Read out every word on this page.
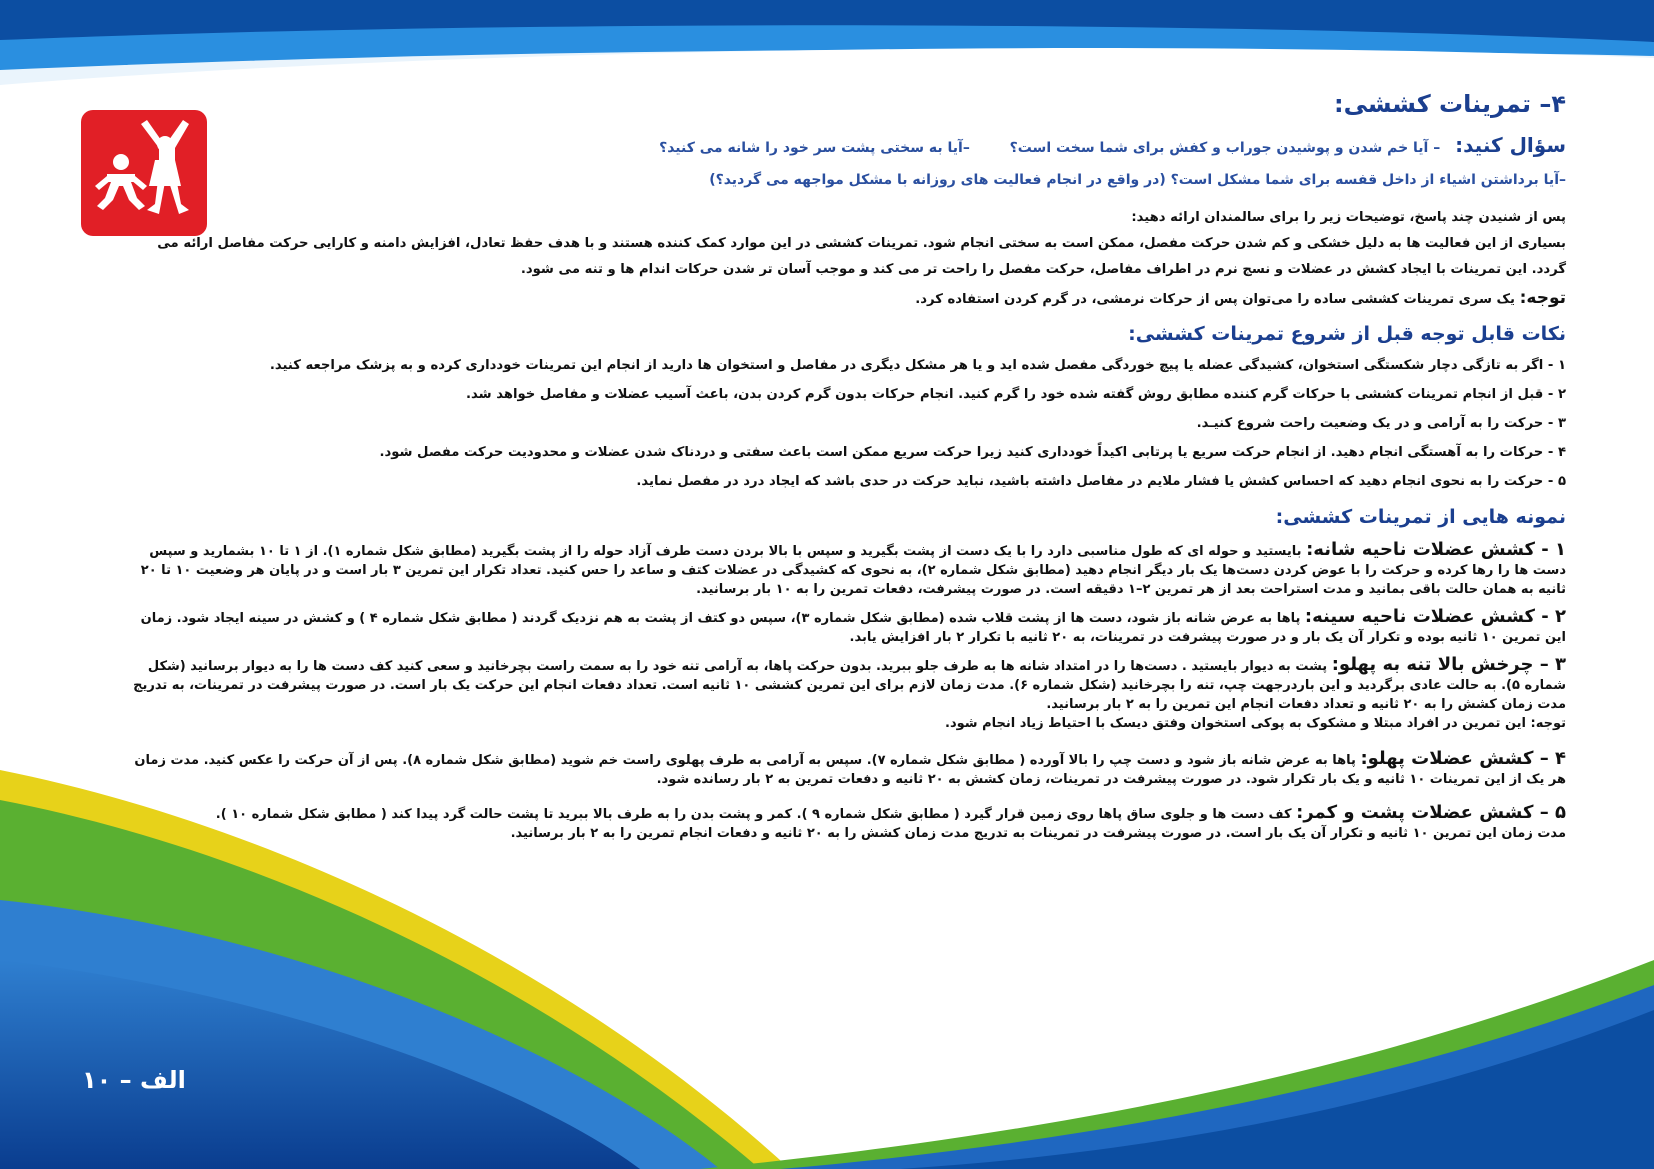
۴– تمرینات کششی:
سؤال کنید: – آیا خم شدن و پوشیدن جوراب و کفش برای شما سخت است؟  –آیا به سختی پشت سر خود را شانه می کنید؟
–آیا برداشتن اشیاء از داخل قفسه برای شما مشکل است؟ (در واقع در انجام فعالیت های روزانه با مشکل مواجهه می گردید؟)

پس از شنیدن چند پاسخ، توضیحات زیر را برای سالمندان ارائه دهید:

بسیاری از این فعالیت ها به دلیل خشکی و کم شدن حرکت مفصل، ممکن است به سختی انجام شود. تمرینات کششی در این موارد کمک کننده هستند و با هدف حفظ تعادل، افزایش دامنه و کارایی حرکت مفاصل ارائه می گردد. این تمرینات با ایجاد کشش در عضلات و نسج نرم در اطراف مفاصل، حرکت مفصل را راحت تر می کند و موجب آسان تر شدن حرکات اندام ها و تنه می شود.

توجه: یک سری تمرینات کششی ساده را می‌توان پس از حرکات نرمشی، در گرم کردن استفاده کرد.

نکات قابل توجه قبل از شروع تمرینات کششی:

۱ - اگر به تازگی دچار شکستگی استخوان، کشیدگی عضله یا پیچ خوردگی مفصل شده اید و یا هر مشکل دیگری در مفاصل و استخوان ها دارید از انجام این تمرینات خودداری کرده و به پزشک مراجعه کنید.

۲ - قبل از انجام تمرینات کششی با حرکات گرم کننده مطابق روش گفته شده خود را گرم کنید. انجام حرکات بدون گرم کردن بدن، باعث آسیب عضلات و مفاصل خواهد شد.

۳ - حرکت را به آرامی و در یک وضعیت راحت شروع کنیـد.

۴ - حرکات را به آهستگی انجام دهید. از انجام حرکت سریع یا پرتابی اکیداً خودداری کنید زیرا حرکت سریع ممکن است باعث سفتی و دردناک شدن عضلات و محدودیت حرکت مفصل شود.

۵ - حرکت را به نحوی انجام دهید که احساس کشش یا فشار ملایم در مفاصل داشته باشید، نباید حرکت در حدی باشد که ایجاد درد در مفصل نماید.

نمونه هایی از تمرینات کششی:

۱ - کشش عضلات ناحیه شانه: بایستید و حوله ای که طول مناسبی دارد را با یک دست از پشت بگیرید و سپس با بالا بردن دست طرف آزاد حوله را از پشت بگیرید (مطابق شکل شماره ۱). از ۱ تا ۱۰ بشمارید و سپس دست ها را رها کرده و حرکت را با عوض کردن دست‌ها یک بار دیگر انجام دهید (مطابق شکل شماره ۲)، به نحوی که کشیدگی در عضلات کتف و ساعد را حس کنید. تعداد تکرار این تمرین ۳ بار است و در پایان هر وضعیت ۱۰ تا ۲۰ ثانیه به همان حالت باقی بمانید و مدت استراحت بعد از هر تمرین ۲–۱ دقیقه است. در صورت پیشرفت، دفعات تمرین را به ۱۰ بار برسانید.

۲ - کشش عضلات ناحیه سینه: پاها به عرض شانه باز شود، دست ها از پشت قلاب شده (مطابق شکل شماره ۳)، سپس دو کتف از پشت به هم نزدیک گردند ( مطابق شکل شماره ۴ ) و کشش در سینه ایجاد شود. زمان این تمرین ۱۰ ثانیه بوده و تکرار آن یک بار و در صورت پیشرفت در تمرینات، به ۲۰ ثانیه با تکرار ۲ بار افزایش یابد.

۳ – چرخش بالا تنه به پهلو: پشت به دیوار بایستید . دست‌ها را در امتداد شانه ها به طرف جلو ببرید. بدون حرکت پاها، به آرامی تنه خود را به سمت راست بچرخانید و سعی کنید کف دست ها را به دیوار برسانید (شکل شماره ۵). به حالت عادی برگردید و این باردرجهت چپ، تنه را بچرخانید (شکل شماره ۶). مدت زمان لازم برای این تمرین کششی ۱۰ ثانیه است. تعداد دفعات انجام این حرکت یک بار است. در صورت پیشرفت در تمرینات، به تدریج مدت زمان کشش را به ۲۰ ثانیه و تعداد دفعات انجام این تمرین را به ۲ بار برسانید.

توجه: این تمرین در افراد مبتلا و مشکوک به پوکی استخوان وفتق دیسک با احتیاط زیاد انجام شود.

۴ – کشش عضلات پهلو: پاها به عرض شانه باز شود و دست چپ را بالا آورده ( مطابق شکل شماره ۷). سپس به آرامی به طرف پهلوی راست خم شوید (مطابق شکل شماره ۸). پس از آن حرکت را عکس کنید. مدت زمان هر یک از این تمرینات ۱۰ ثانیه و یک بار تکرار شود. در صورت پیشرفت در تمرینات، زمان کشش به ۲۰ ثانیه و دفعات تمرین به ۲ بار رسانده شود.

۵ – کشش عضلات پشت و کمر: کف دست ها و جلوی ساق پاها روی زمین قرار گیرد ( مطابق شکل شماره ۹ ). کمر و پشت بدن را به طرف بالا ببرید تا پشت حالت گرد پیدا کند ( مطابق شکل شماره ۱۰ ).

مدت زمان این تمرین ۱۰ ثانیه و تکرار آن یک بار است. در صورت پیشرفت در تمرینات به تدریج مدت زمان کشش را به ۲۰ ثانیه و دفعات انجام تمرین را به ۲ بار برسانید.

الف – ۱۰
